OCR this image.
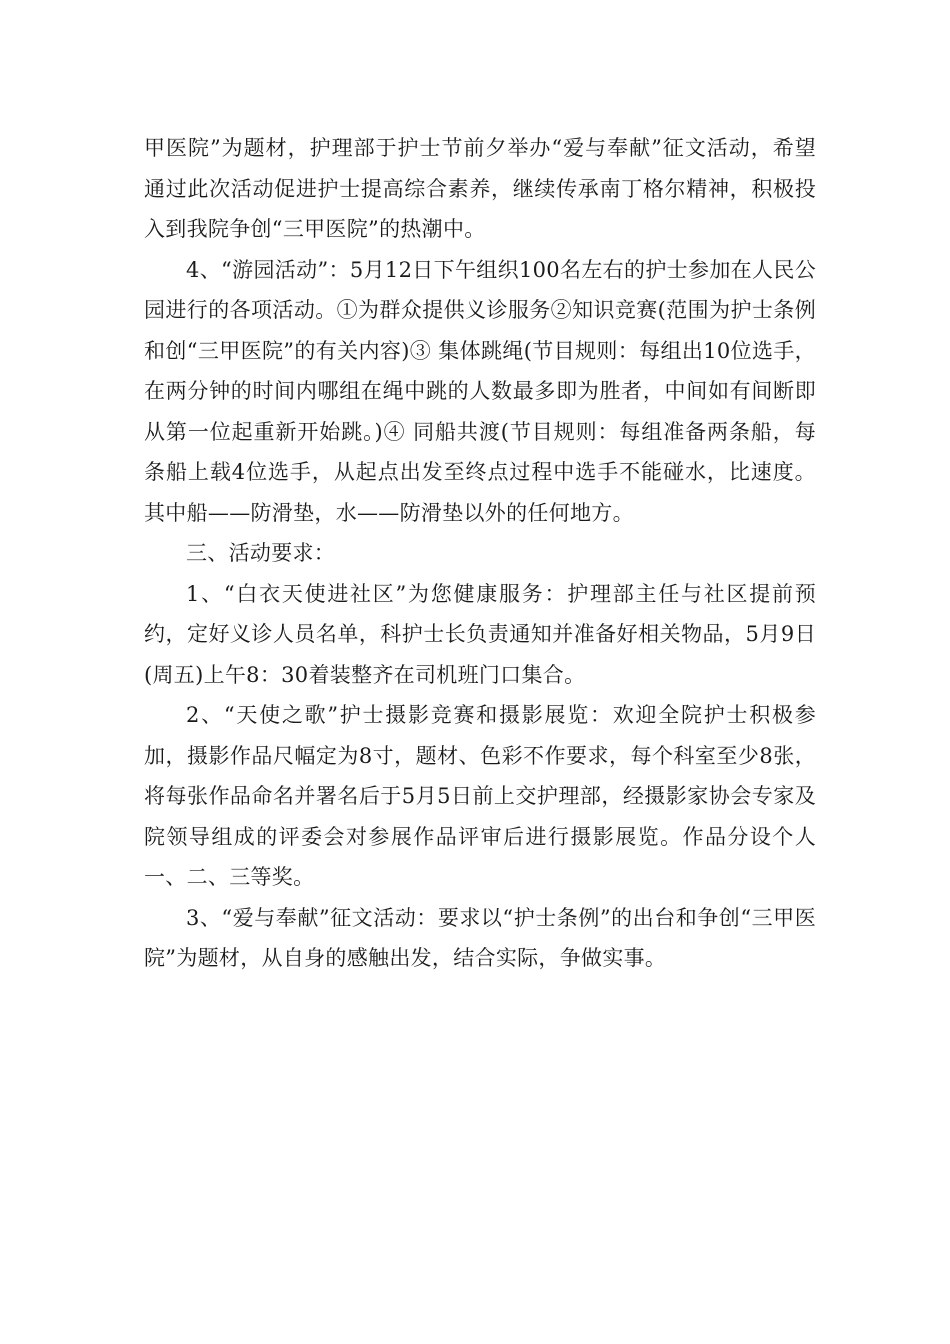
甲医院”为题材，护理部于护士节前夕举办“爱与奉献”征文活动，希望通过此次活动促进护士提高综合素养，继续传承南丁格尔精神，积极投入到我院争创“三甲医院”的热潮中。

4、“游园活动”：5月12日下午组织100名左右的护士参加在人民公园进行的各项活动。①为群众提供义诊服务②知识竞赛(范围为护士条例和创“三甲医院”的有关内容)③ 集体跳绳(节目规则：每组出10位选手，在两分钟的时间内哪组在绳中跳的人数最多即为胜者，中间如有间断即从第一位起重新开始跳。)④ 同船共渡(节目规则：每组准备两条船，每条船上载4位选手，从起点出发至终点过程中选手不能碰水，比速度。其中船——防滑垫，水——防滑垫以外的任何地方。

三、活动要求：

1、“白衣天使进社区”为您健康服务：护理部主任与社区提前预约，定好义诊人员名单，科护士长负责通知并准备好相关物品，5月9日(周五)上午8：30着装整齐在司机班门口集合。

2、“天使之歌”护士摄影竞赛和摄影展览：欢迎全院护士积极参加，摄影作品尺幅定为8寸，题材、色彩不作要求，每个科室至少8张，将每张作品命名并署名后于5月5日前上交护理部，经摄影家协会专家及院领导组成的评委会对参展作品评审后进行摄影展览。作品分设个人一、二、三等奖。

3、“爱与奉献”征文活动：要求以“护士条例”的出台和争创“三甲医院”为题材，从自身的感触出发，结合实际，争做实事。
